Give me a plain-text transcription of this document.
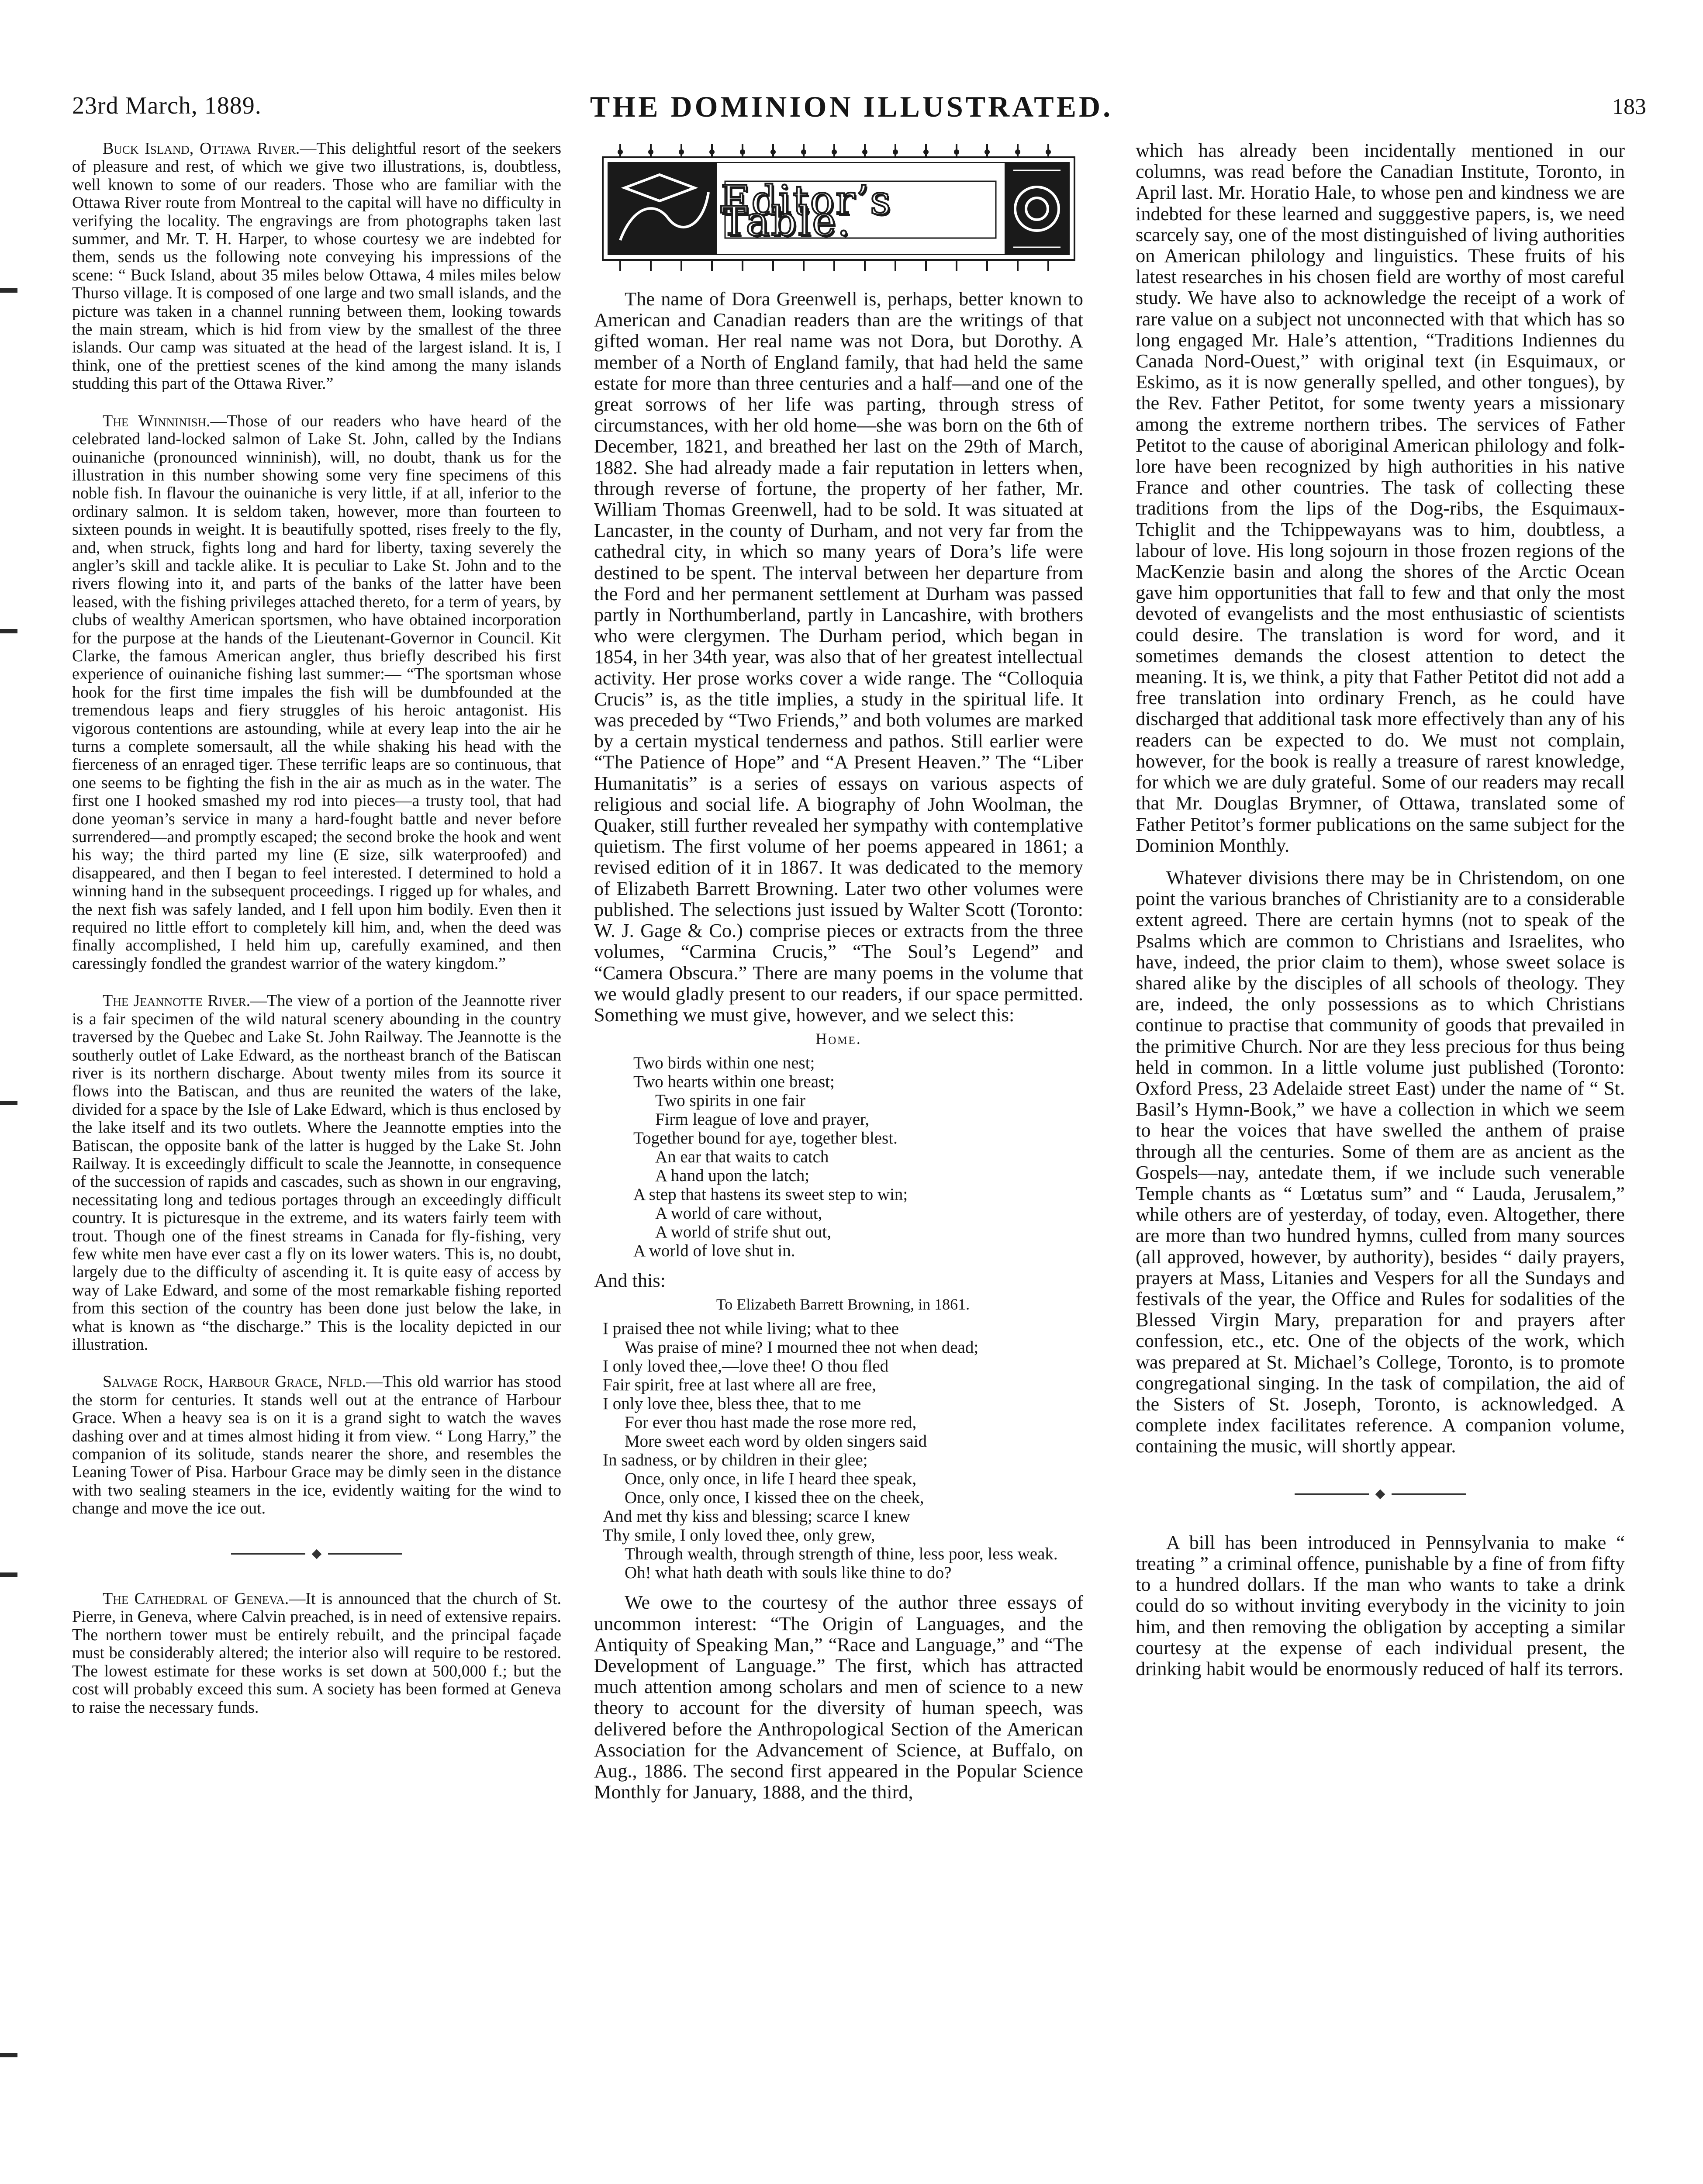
23rd March, 1889.	THE DOMINION ILLUSTRATED.	183

Buck Island, Ottawa River.—This delightful resort of the seekers of pleasure and rest, of which we give two illustrations, is, doubtless, well known to some of our readers. Those who are familiar with the Ottawa River route from Montreal to the capital will have no difficulty in verifying the locality. The engravings are from photographs taken last summer, and Mr. T. H. Harper, to whose courtesy we are indebted for them, sends us the following note conveying his impressions of the scene: “ Buck Island, about 35 miles below Ottawa, 4 miles miles below Thurso village. It is composed of one large and two small islands, and the picture was taken in a channel running between them, looking towards the main stream, which is hid from view by the smallest of the three islands. Our camp was situated at the head of the largest island. It is, I think, one of the prettiest scenes of the kind among the many islands studding this part of the Ottawa River.”

The Winninish.—Those of our readers who have heard of the celebrated land-locked salmon of Lake St. John, called by the Indians ouinaniche (pronounced winninish), will, no doubt, thank us for the illustration in this number showing some very fine specimens of this noble fish. In flavour the ouinaniche is very little, if at all, inferior to the ordinary salmon. It is seldom taken, however, more than fourteen to sixteen pounds in weight. It is beautifully spotted, rises freely to the fly, and, when struck, fights long and hard for liberty, taxing severely the angler’s skill and tackle alike. It is peculiar to Lake St. John and to the rivers flowing into it, and parts of the banks of the latter have been leased, with the fishing privileges attached thereto, for a term of years, by clubs of wealthy American sportsmen, who have obtained incorporation for the purpose at the hands of the Lieutenant-Governor in Council. Kit Clarke, the famous American angler, thus briefly described his first experience of ouinaniche fishing last summer:— “The sportsman whose hook for the first time impales the fish will be dumbfounded at the tremendous leaps and fiery struggles of his heroic antagonist. His vigorous contentions are astounding, while at every leap into the air he turns a complete somersault, all the while shaking his head with the fierceness of an enraged tiger. These terrific leaps are so continuous, that one seems to be fighting the fish in the air as much as in the water. The first one I hooked smashed my rod into pieces—a trusty tool, that had done yeoman’s service in many a hard-fought battle and never before surrendered—and promptly escaped; the second broke the hook and went his way; the third parted my line (E size, silk waterproofed) and disappeared, and then I began to feel interested. I determined to hold a winning hand in the subsequent proceedings. I rigged up for whales, and the next fish was safely landed, and I fell upon him bodily. Even then it required no little effort to completely kill him, and, when the deed was finally accomplished, I held him up, carefully examined, and then caressingly fondled the grandest warrior of the watery kingdom.”

The Jeannotte River.—The view of a portion of the Jeannotte river is a fair specimen of the wild natural scenery abounding in the country traversed by the Quebec and Lake St. John Railway. The Jeannotte is the southerly outlet of Lake Edward, as the northeast branch of the Batiscan river is its northern discharge. About twenty miles from its source it flows into the Batiscan, and thus are reunited the waters of the lake, divided for a space by the Isle of Lake Edward, which is thus enclosed by the lake itself and its two outlets. Where the Jeannotte empties into the Batiscan, the opposite bank of the latter is hugged by the Lake St. John Railway. It is exceedingly difficult to scale the Jeannotte, in consequence of the succession of rapids and cascades, such as shown in our engraving, necessitating long and tedious portages through an exceedingly difficult country. It is picturesque in the extreme, and its waters fairly teem with trout. Though one of the finest streams in Canada for fly-fishing, very few white men have ever cast a fly on its lower waters. This is, no doubt, largely due to the difficulty of ascending it. It is quite easy of access by way of Lake Edward, and some of the most remarkable fishing reported from this section of the country has been done just below the lake, in what is known as “the discharge.” This is the locality depicted in our illustration.

Salvage Rock, Harbour Grace, Nfld.—This old warrior has stood the storm for centuries. It stands well out at the entrance of Harbour Grace. When a heavy sea is on it is a grand sight to watch the waves dashing over and at times almost hiding it from view. “ Long Harry,” the companion of its solitude, stands nearer the shore, and resembles the Leaning Tower of Pisa. Harbour Grace may be dimly seen in the distance with two sealing steamers in the ice, evidently waiting for the wind to change and move the ice out.

The Cathedral of Geneva.—It is announced that the church of St. Pierre, in Geneva, where Calvin preached, is in need of extensive repairs. The northern tower must be entirely rebuilt, and the principal façade must be considerably altered; the interior also will require to be restored. The lowest estimate for these works is set down at 500,000 f.; but the cost will probably exceed this sum. A society has been formed at Geneva to raise the necessary funds.

Editor’s Table.

The name of Dora Greenwell is, perhaps, better known to American and Canadian readers than are the writings of that gifted woman. Her real name was not Dora, but Dorothy. A member of a North of England family, that had held the same estate for more than three centuries and a half—and one of the great sorrows of her life was parting, through stress of circumstances, with her old home—she was born on the 6th of December, 1821, and breathed her last on the 29th of March, 1882. She had already made a fair reputation in letters when, through reverse of fortune, the property of her father, Mr. William Thomas Greenwell, had to be sold. It was situated at Lancaster, in the county of Durham, and not very far from the cathedral city, in which so many years of Dora’s life were destined to be spent. The interval between her departure from the Ford and her permanent settlement at Durham was passed partly in Northumberland, partly in Lancashire, with brothers who were clergymen. The Durham period, which began in 1854, in her 34th year, was also that of her greatest intellectual activity. Her prose works cover a wide range. The “Colloquia Crucis” is, as the title implies, a study in the spiritual life. It was preceded by “Two Friends,” and both volumes are marked by a certain mystical tenderness and pathos. Still earlier were “The Patience of Hope” and “A Present Heaven.” The “Liber Humanitatis” is a series of essays on various aspects of religious and social life. A biography of John Woolman, the Quaker, still further revealed her sympathy with contemplative quietism. The first volume of her poems appeared in 1861; a revised edition of it in 1867. It was dedicated to the memory of Elizabeth Barrett Browning. Later two other volumes were published. The selections just issued by Walter Scott (Toronto: W. J. Gage & Co.) comprise pieces or extracts from the three volumes, “Carmina Crucis,” “The Soul’s Legend” and “Camera Obscura.” There are many poems in the volume that we would gladly present to our readers, if our space permitted. Something we must give, however, and we select this:

Home.
Two birds within one nest;
Two hearts within one breast;
Two spirits in one fair
Firm league of love and prayer,
Together bound for aye, together blest.
An ear that waits to catch
A hand upon the latch;
A step that hastens its sweet step to win;
A world of care without,
A world of strife shut out,
A world of love shut in.

And this:

To Elizabeth Barrett Browning, in 1861.
I praised thee not while living; what to thee
Was praise of mine? I mourned thee not when dead;
I only loved thee,—love thee! O thou fled
Fair spirit, free at last where all are free,
I only love thee, bless thee, that to me
For ever thou hast made the rose more red,
More sweet each word by olden singers said
In sadness, or by children in their glee;
Once, only once, in life I heard thee speak,
Once, only once, I kissed thee on the cheek,
And met thy kiss and blessing; scarce I knew
Thy smile, I only loved thee, only grew,
Through wealth, through strength of thine, less poor, less weak.
Oh! what hath death with souls like thine to do?

We owe to the courtesy of the author three essays of uncommon interest: “The Origin of Languages, and the Antiquity of Speaking Man,” “Race and Language,” and “The Development of Language.” The first, which has attracted much attention among scholars and men of science to a new theory to account for the diversity of human speech, was delivered before the Anthropological Section of the American Association for the Advancement of Science, at Buffalo, on Aug., 1886. The second first appeared in the Popular Science Monthly for January, 1888, and the third,

which has already been incidentally mentioned in our columns, was read before the Canadian Institute, Toronto, in April last. Mr. Horatio Hale, to whose pen and kindness we are indebted for these learned and sugggestive papers, is, we need scarcely say, one of the most distinguished of living authorities on American philology and linguistics. These fruits of his latest researches in his chosen field are worthy of most careful study. We have also to acknowledge the receipt of a work of rare value on a subject not unconnected with that which has so long engaged Mr. Hale’s attention, “Traditions Indiennes du Canada Nord-Ouest,” with original text (in Esquimaux, or Eskimo, as it is now generally spelled, and other tongues), by the Rev. Father Petitot, for some twenty years a missionary among the extreme northern tribes. The services of Father Petitot to the cause of aboriginal American philology and folk-lore have been recognized by high authorities in his native France and other countries. The task of collecting these traditions from the lips of the Dog-ribs, the Esquimaux-Tchiglit and the Tchippewayans was to him, doubtless, a labour of love. His long sojourn in those frozen regions of the MacKenzie basin and along the shores of the Arctic Ocean gave him opportunities that fall to few and that only the most devoted of evangelists and the most enthusiastic of scientists could desire. The translation is word for word, and it sometimes demands the closest attention to detect the meaning. It is, we think, a pity that Father Petitot did not add a free translation into ordinary French, as he could have discharged that additional task more effectively than any of his readers can be expected to do. We must not complain, however, for the book is really a treasure of rarest knowledge, for which we are duly grateful. Some of our readers may recall that Mr. Douglas Brymner, of Ottawa, translated some of Father Petitot’s former publications on the same subject for the Dominion Monthly.

Whatever divisions there may be in Christendom, on one point the various branches of Christianity are to a considerable extent agreed. There are certain hymns (not to speak of the Psalms which are common to Christians and Israelites, who have, indeed, the prior claim to them), whose sweet solace is shared alike by the disciples of all schools of theology. They are, indeed, the only possessions as to which Christians continue to practise that community of goods that prevailed in the primitive Church. Nor are they less precious for thus being held in common. In a little volume just published (Toronto: Oxford Press, 23 Adelaide street East) under the name of “ St. Basil’s Hymn-Book,” we have a collection in which we seem to hear the voices that have swelled the anthem of praise through all the centuries. Some of them are as ancient as the Gospels—nay, antedate them, if we include such venerable Temple chants as “ Lœtatus sum” and “ Lauda, Jerusalem,” while others are of yesterday, of today, even. Altogether, there are more than two hundred hymns, culled from many sources (all approved, however, by authority), besides “ daily prayers, prayers at Mass, Litanies and Vespers for all the Sundays and festivals of the year, the Office and Rules for sodalities of the Blessed Virgin Mary, preparation for and prayers after confession, etc., etc. One of the objects of the work, which was prepared at St. Michael’s College, Toronto, is to promote congregational singing. In the task of compilation, the aid of the Sisters of St. Joseph, Toronto, is acknowledged. A complete index facilitates reference. A companion volume, containing the music, will shortly appear.

A bill has been introduced in Pennsylvania to make “ treating ” a criminal offence, punishable by a fine of from fifty to a hundred dollars. If the man who wants to take a drink could do so without inviting everybody in the vicinity to join him, and then removing the obligation by accepting a similar courtesy at the expense of each individual present, the drinking habit would be enormously reduced of half its terrors.
